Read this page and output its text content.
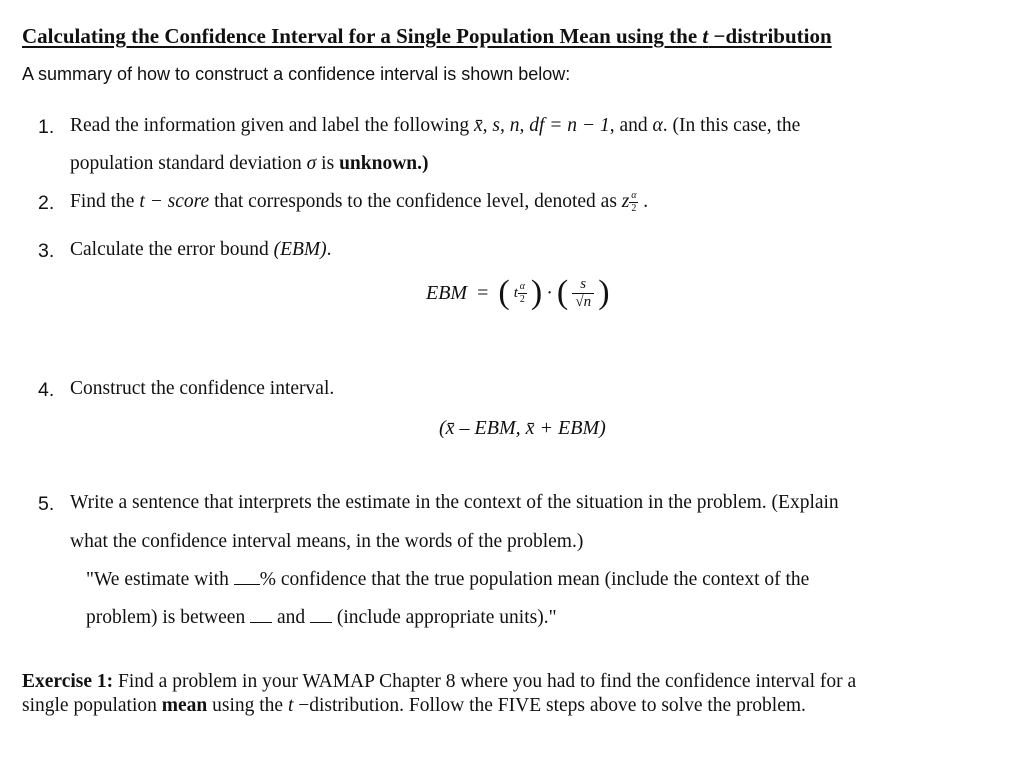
Calculating the Confidence Interval for a Single Population Mean using the t −distribution
A summary of how to construct a confidence interval is shown below:
1. Read the information given and label the following x̄, s, n, df = n − 1, and α. (In this case, the
population standard deviation σ is unknown.)
2. Find the t − score that corresponds to the confidence level, denoted as z $\frac{\alpha}{2}$ .
3. Calculate the error bound (EBM).
EBM = ( t $\frac{\alpha}{2}$ ) · ( $\frac{s}{√n}$ )
4. Construct the confidence interval.
(x̄ – EBM, x̄ + EBM)
5. Write a sentence that interprets the estimate in the context of the situation in the problem. (Explain
what the confidence interval means, in the words of the problem.)
"We estimate with % confidence that the true population mean (include the context of the
problem) is between  and  (include appropriate units)."
Exercise 1: Find a problem in your WAMAP Chapter 8 where you had to find the confidence interval for a
single population mean using the t −distribution. Follow the FIVE steps above to solve the problem.
